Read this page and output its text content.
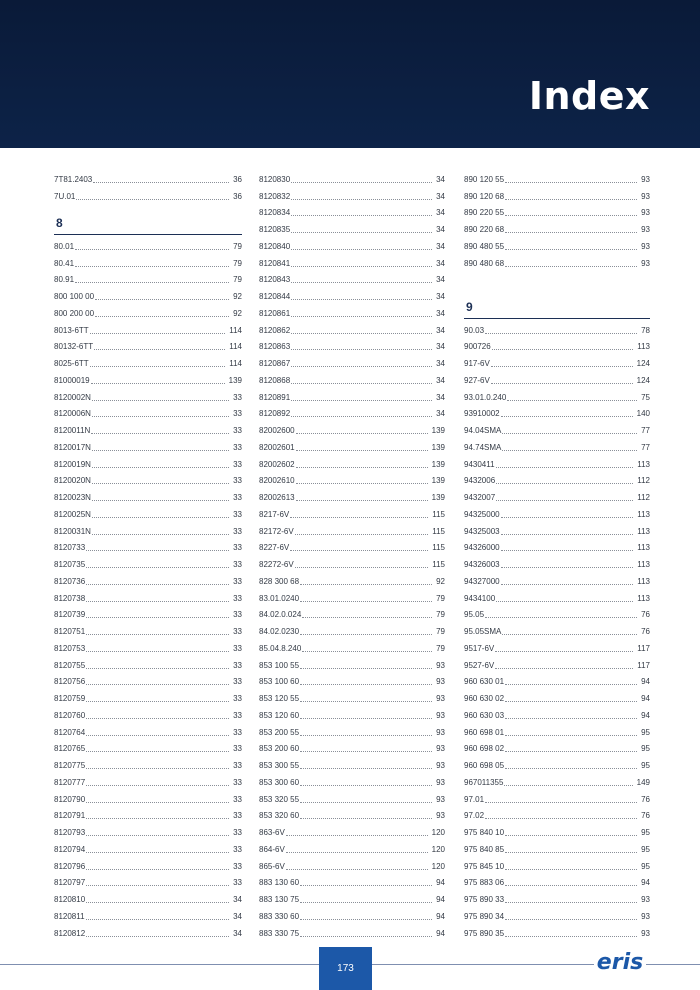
Index
7T81.2403	36
7U.01	36
8
80.01	79
80.41	79
80.91	79
800 100 00	92
800 200 00	92
8013-6TT	114
80132-6TT	114
8025-6TT	114
81000019	139
8120002N	33
8120006N	33
8120011N	33
8120017N	33
8120019N	33
8120020N	33
8120023N	33
8120025N	33
8120031N	33
8120733	33
8120735	33
8120736	33
8120738	33
8120739	33
8120751	33
8120753	33
8120755	33
8120756	33
8120759	33
8120760	33
8120764	33
8120765	33
8120775	33
8120777	33
8120790	33
8120791	33
8120793	33
8120794	33
8120796	33
8120797	33
8120810	34
8120811	34
8120812	34
8120830	34
8120832	34
8120834	34
8120835	34
8120840	34
8120841	34
8120843	34
8120844	34
8120861	34
8120862	34
8120863	34
8120867	34
8120868	34
8120891	34
8120892	34
82002600	139
82002601	139
82002602	139
82002610	139
82002613	139
8217-6V	115
82172-6V	115
8227-6V	115
82272-6V	115
828 300 68	92
83.01.0240	79
84.02.0.024	79
84.02.0230	79
85.04.8.240	79
853 100 55	93
853 100 60	93
853 120 55	93
853 120 60	93
853 200 55	93
853 200 60	93
853 300 55	93
853 300 60	93
853 320 55	93
853 320 60	93
863-6V	120
864-6V	120
865-6V	120
883 130 60	94
883 130 75	94
883 330 60	94
883 330 75	94
890 120 55	93
890 120 68	93
890 220 55	93
890 220 68	93
890 480 55	93
890 480 68	93
9
90.03	78
900726	113
917-6V	124
927-6V	124
93.01.0.240	75
93910002	140
94.04SMA	77
94.74SMA	77
9430411	113
9432006	112
9432007	112
94325000	113
94325003	113
94326000	113
94326003	113
94327000	113
9434100	113
95.05	76
95.05SMA	76
9517-6V	117
9527-6V	117
960 630 01	94
960 630 02	94
960 630 03	94
960 698 01	95
960 698 02	95
960 698 05	95
967011355	149
97.01	76
97.02	76
975 840 10	95
975 840 85	95
975 845 10	95
975 883 06	94
975 890 33	93
975 890 34	93
975 890 35	93
173	eris
